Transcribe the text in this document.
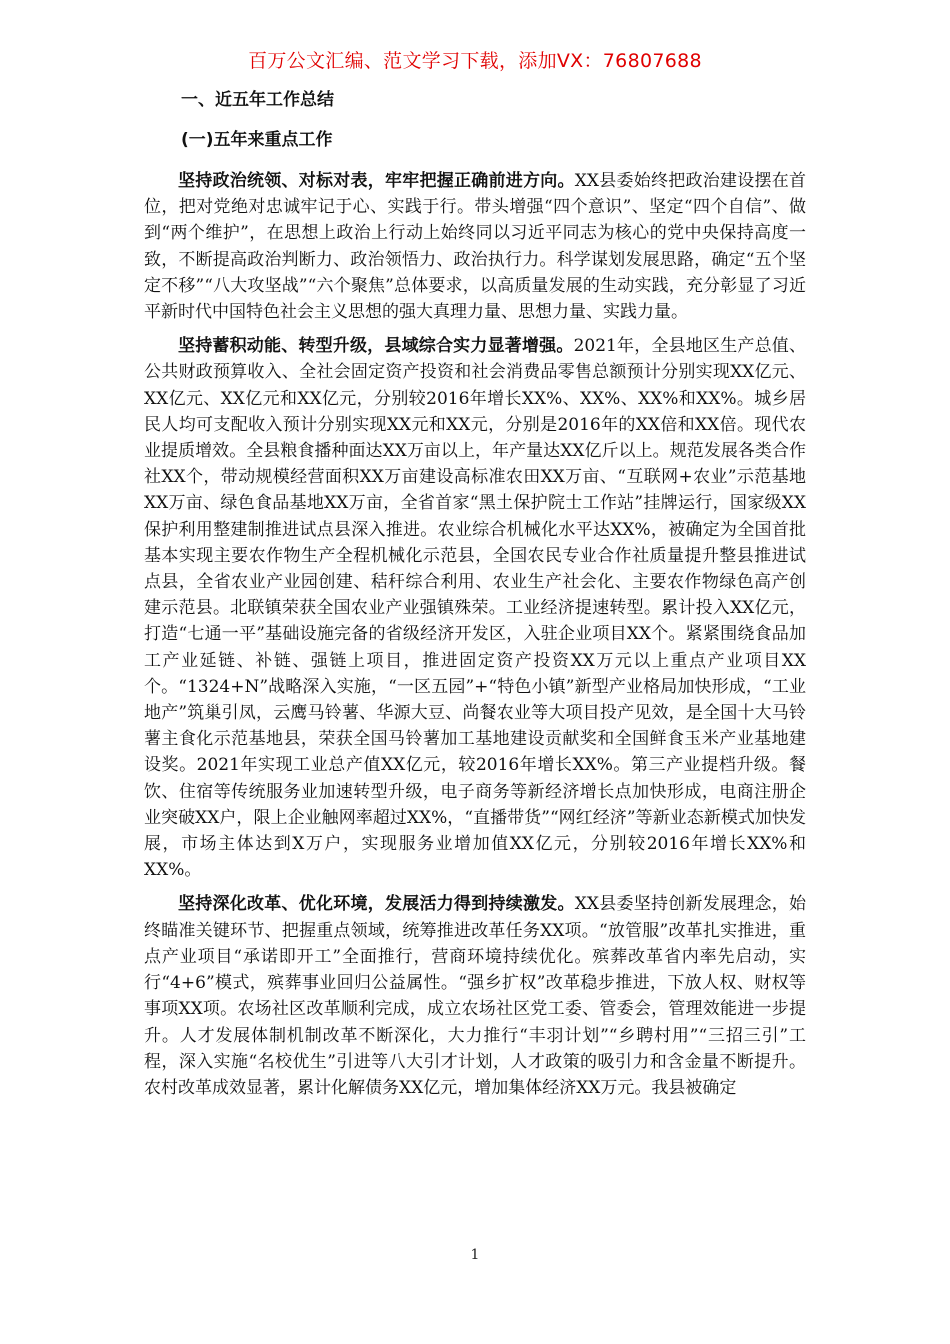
百万公文汇编、范文学习下载，添加VX：76807688
一、近五年工作总结
(一)五年来重点工作

坚持政治统领、对标对表，牢牢把握正确前进方向。XX县委始终把政治建设摆在首位，把对党绝对忠诚牢记于心、实践于行。带头增强“四个意识”、坚定“四个自信”、做到“两个维护”，在思想上政治上行动上始终同以习近平同志为核心的党中央保持高度一致，不断提高政治判断力、政治领悟力、政治执行力。科学谋划发展思路，确定“五个坚定不移”“八大攻坚战”“六个聚焦”总体要求，以高质量发展的生动实践，充分彰显了习近平新时代中国特色社会主义思想的强大真理力量、思想力量、实践力量。

坚持蓄积动能、转型升级，县域综合实力显著增强。2021年，全县地区生产总值、公共财政预算收入、全社会固定资产投资和社会消费品零售总额预计分别实现XX亿元、XX亿元、XX亿元和XX亿元，分别较2016年增长XX%、XX%、XX%和XX%。城乡居民人均可支配收入预计分别实现XX元和XX元，分别是2016年的XX倍和XX倍。现代农业提质增效。全县粮食播种面达XX万亩以上，年产量达XX亿斤以上。规范发展各类合作社XX个，带动规模经营面积XX万亩建设高标准农田XX万亩、“互联网+农业”示范基地XX万亩、绿色食品基地XX万亩，全省首家“黑土保护院士工作站”挂牌运行，国家级XX保护利用整建制推进试点县深入推进。农业综合机械化水平达XX%，被确定为全国首批基本实现主要农作物生产全程机械化示范县，全国农民专业合作社质量提升整县推进试点县，全省农业产业园创建、秸秆综合利用、农业生产社会化、主要农作物绿色高产创建示范县。北联镇荣获全国农业产业强镇殊荣。工业经济提速转型。累计投入XX亿元，打造“七通一平”基础设施完备的省级经济开发区，入驻企业项目XX个。紧紧围绕食品加工产业延链、补链、强链上项目，推进固定资产投资XX万元以上重点产业项目XX个。“1324+N”战略深入实施，“一区五园”+“特色小镇”新型产业格局加快形成，“工业地产”筑巢引凤，云鹰马铃薯、华源大豆、尚餐农业等大项目投产见效，是全国十大马铃薯主食化示范基地县，荣获全国马铃薯加工基地建设贡献奖和全国鲜食玉米产业基地建设奖。2021年实现工业总产值XX亿元，较2016年增长XX%。第三产业提档升级。餐饮、住宿等传统服务业加速转型升级，电子商务等新经济增长点加快形成，电商注册企业突破XX户，限上企业触网率超过XX%，“直播带货”“网红经济”等新业态新模式加快发展，市场主体达到X万户，实现服务业增加值XX亿元，分别较2016年增长XX%和XX%。

坚持深化改革、优化环境，发展活力得到持续激发。XX县委坚持创新发展理念，始终瞄准关键环节、把握重点领域，统筹推进改革任务XX项。“放管服”改革扎实推进，重点产业项目“承诺即开工”全面推行，营商环境持续优化。殡葬改革省内率先启动，实行“4+6”模式，殡葬事业回归公益属性。“强乡扩权”改革稳步推进，下放人权、财权等事项XX项。农场社区改革顺利完成，成立农场社区党工委、管委会，管理效能进一步提升。人才发展体制机制改革不断深化，大力推行“丰羽计划”“乡聘村用”“三招三引”工程，深入实施“名校优生”引进等八大引才计划，人才政策的吸引力和含金量不断提升。农村改革成效显著，累计化解债务XX亿元，增加集体经济XX万元。我县被确定

1
